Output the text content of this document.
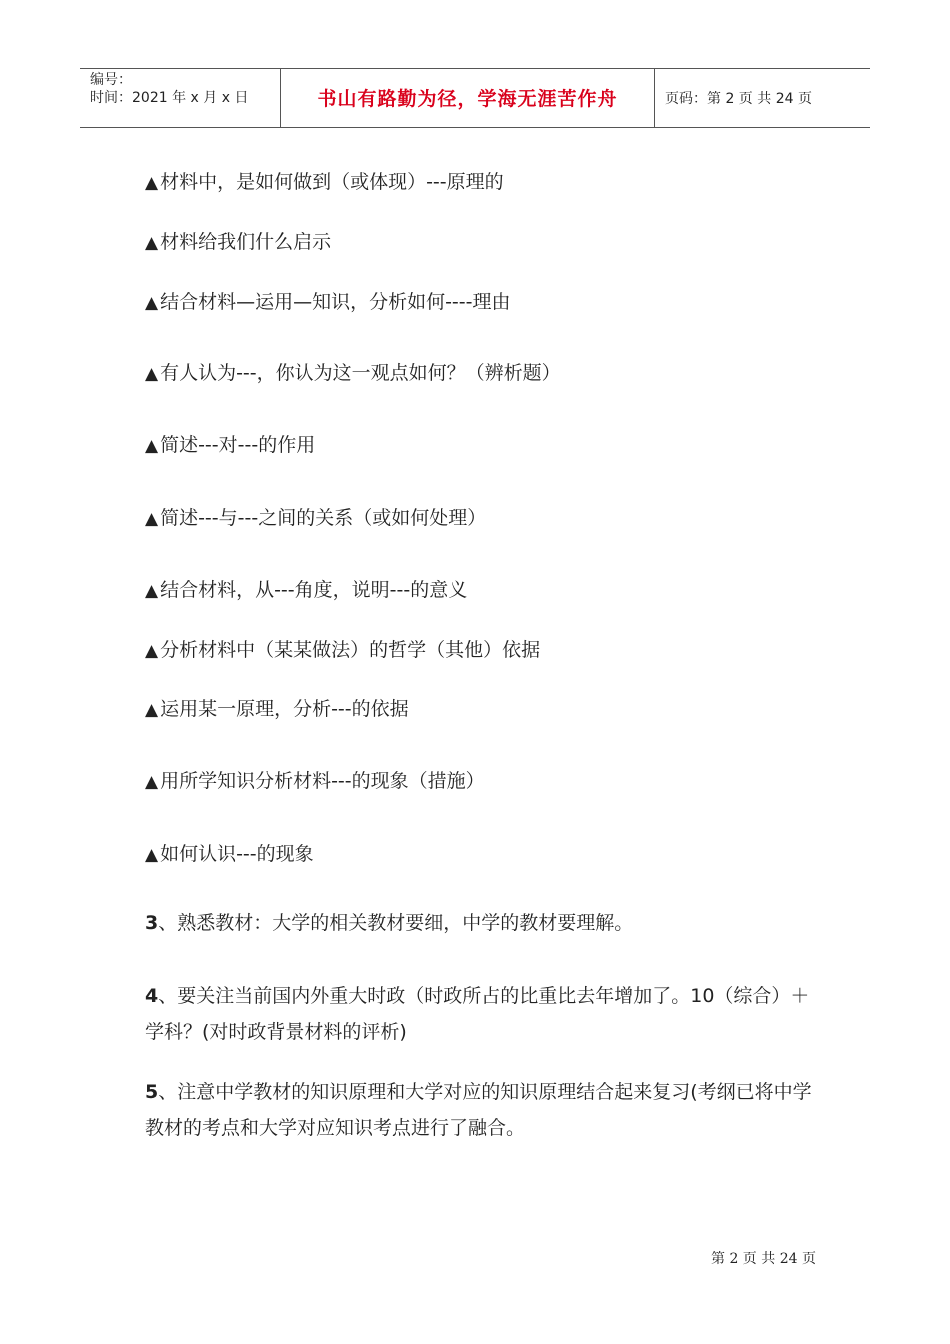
编号：
时间：2021 年 x 月 x 日	书山有路勤为径，学海无涯苦作舟	页码：第 2 页 共 24 页
▲ 材料中，是如何做到（或体现）---原理的
▲ 材料给我们什么启示
▲ 结合材料—运用—知识，分析如何----理由
▲ 有人认为---，你认为这一观点如何？（辨析题）
▲ 简述---对---的作用
▲ 简述---与---之间的关系（或如何处理）
▲ 结合材料，从---角度，说明---的意义
▲ 分析材料中（某某做法）的哲学（其他）依据
▲ 运用某一原理，分析---的依据
▲ 用所学知识分析材料---的现象（措施）
▲ 如何认识---的现象
3、熟悉教材：大学的相关教材要细，中学的教材要理解。
4、要关注当前国内外重大时政（时政所占的比重比去年增加了。10（综合）＋学科？(对时政背景材料的评析)
5、注意中学教材的知识原理和大学对应的知识原理结合起来复习(考纲已将中学教材的考点和大学对应知识考点进行了融合。
第 2 页 共 24 页
